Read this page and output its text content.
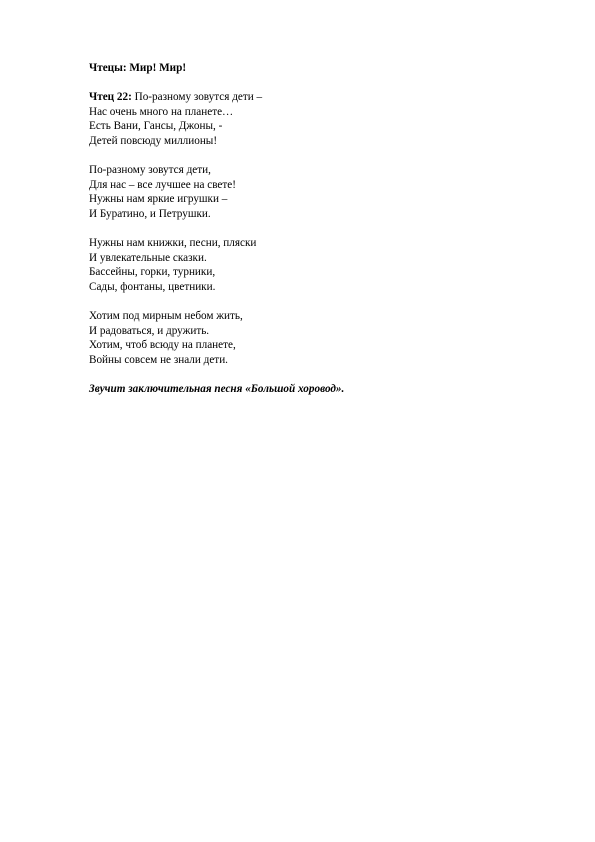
Чтецы: Мир! Мир!
Чтец 22: По-разному зовутся дети –
Нас очень много на планете…
Есть Вани, Гансы, Джоны, -
Детей повсюду миллионы!
По-разному зовутся дети,
Для нас – все лучшее на свете!
Нужны нам яркие игрушки –
И Буратино, и Петрушки.
Нужны нам книжки, песни, пляски
И увлекательные сказки.
Бассейны, горки, турники,
Сады, фонтаны, цветники.
Хотим под мирным небом жить,
И радоваться, и дружить.
Хотим, чтоб всюду на планете,
Войны совсем не знали дети.
Звучит заключительная песня «Большой хоровод».
